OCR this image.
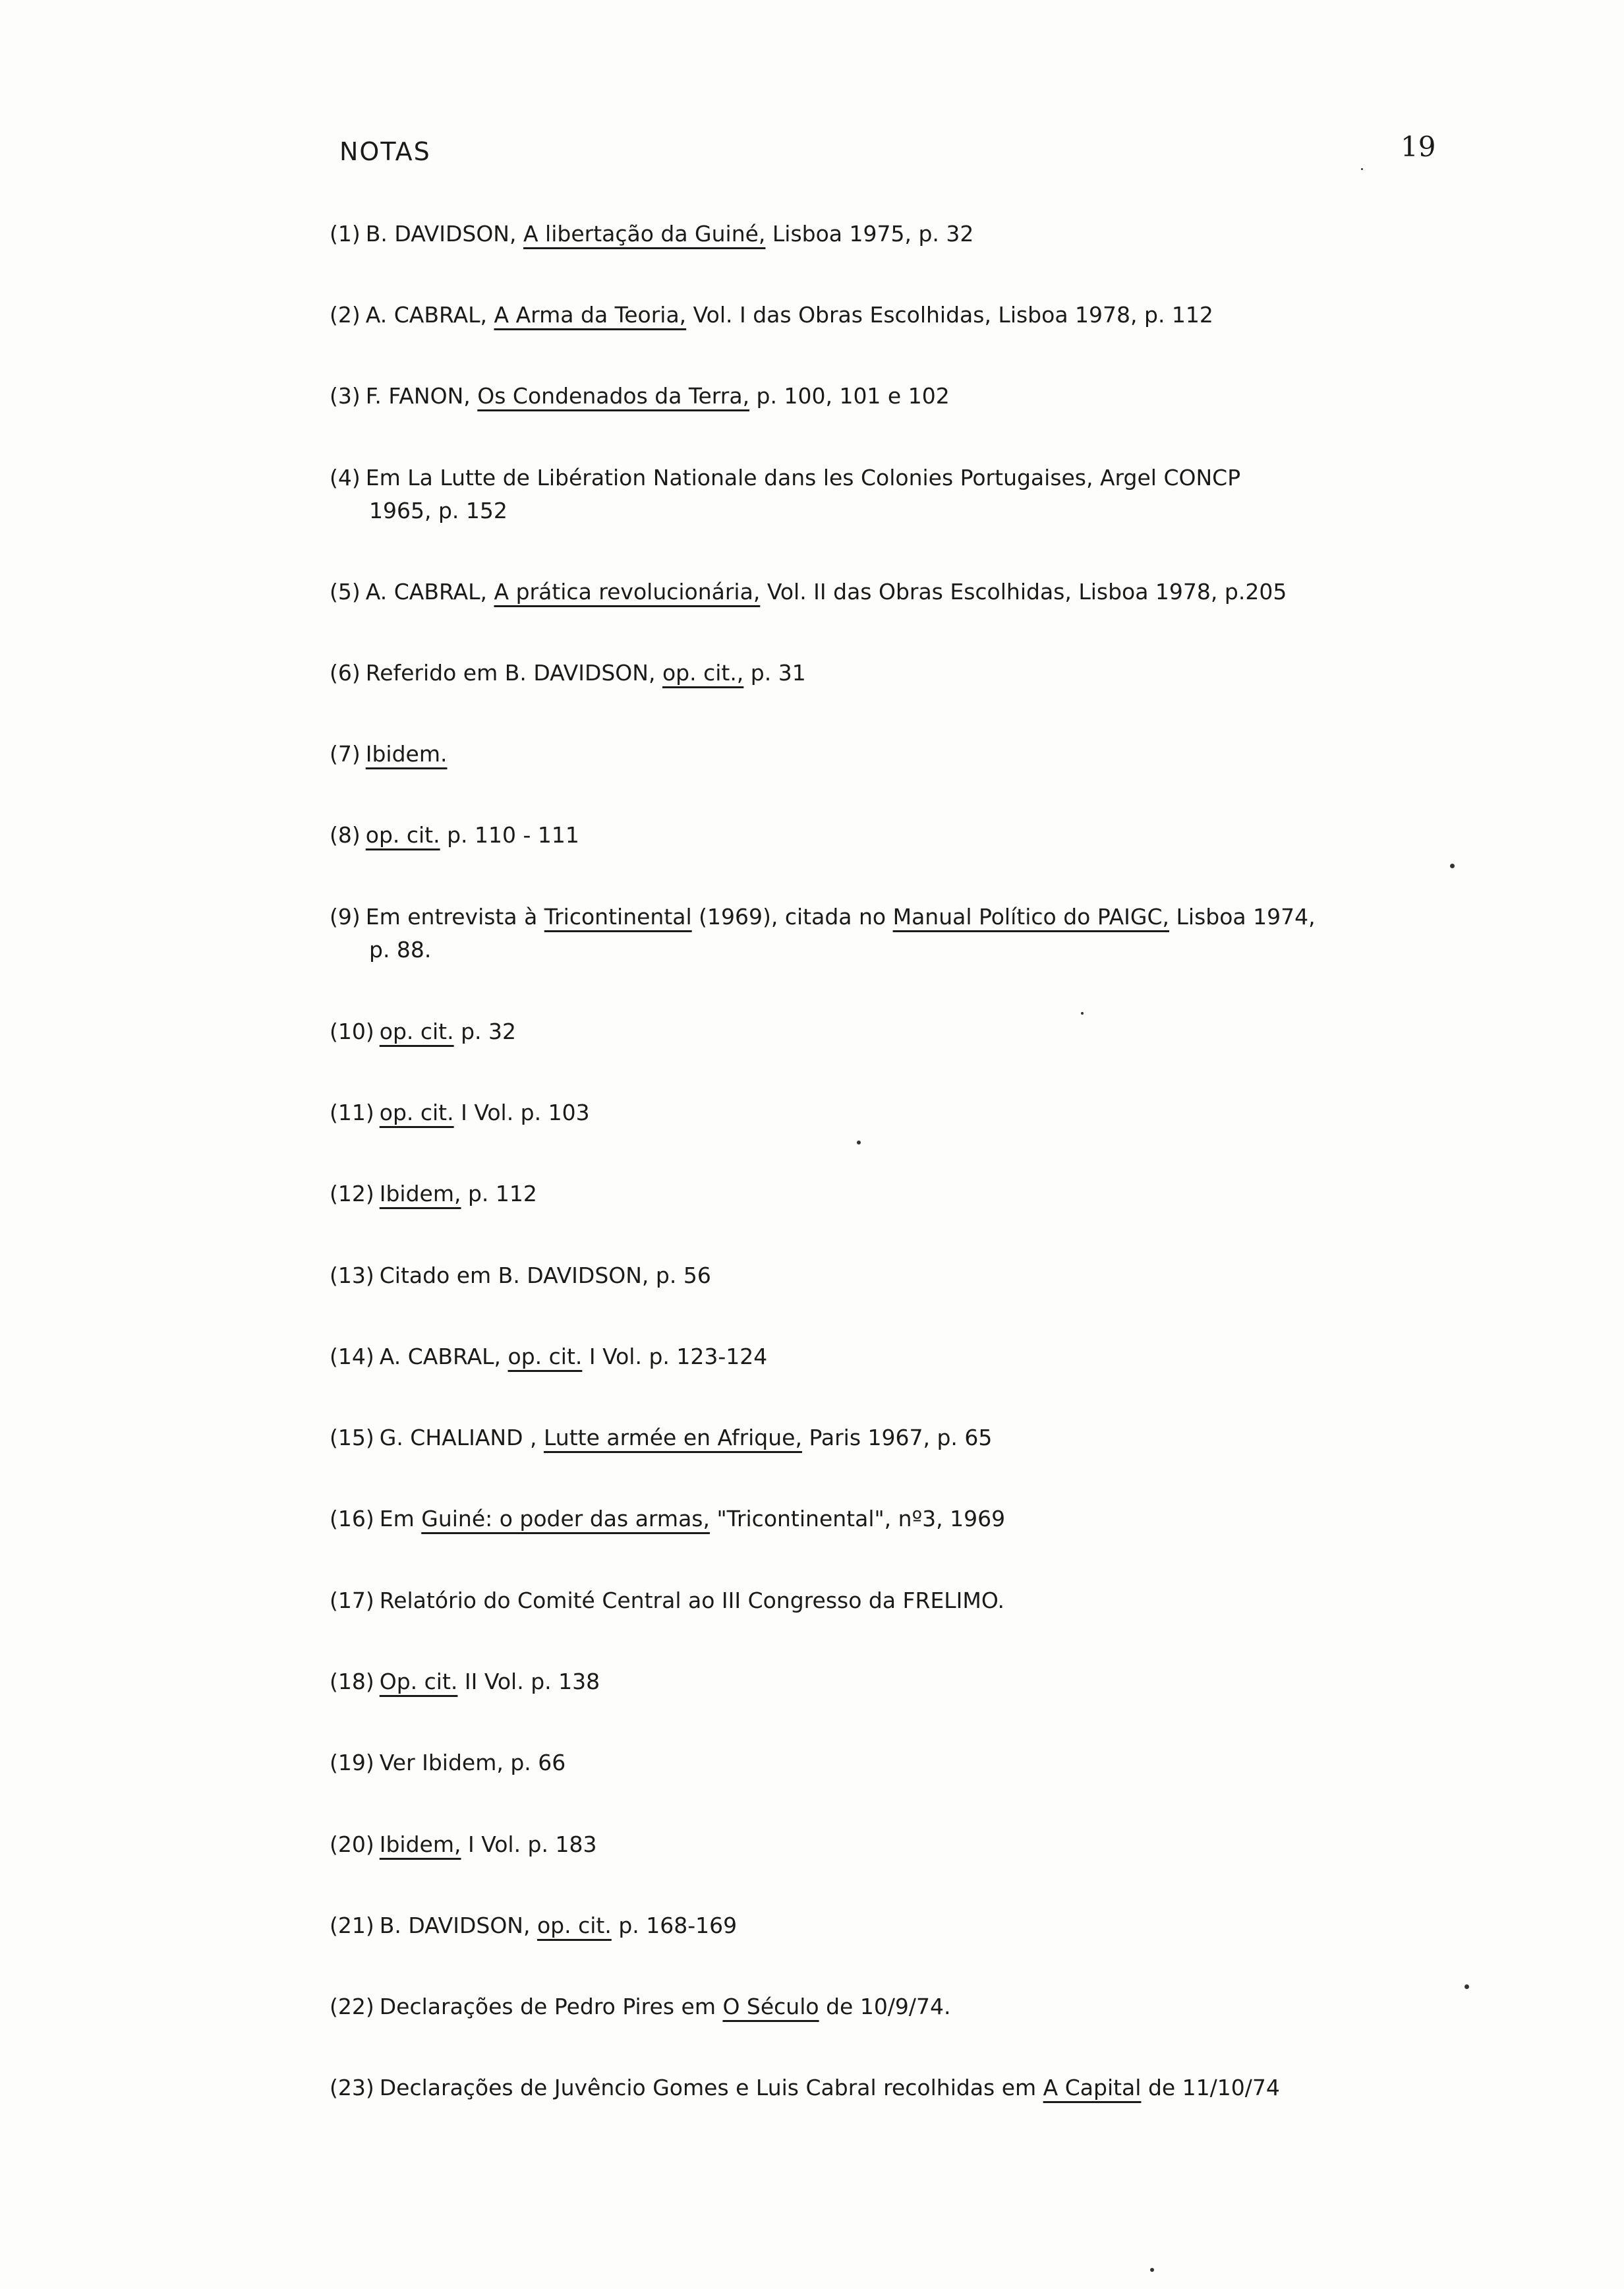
NOTAS	19
(1) B. DAVIDSON, A libertação da Guiné, Lisboa 1975, p. 32
(2) A. CABRAL, A Arma da Teoria, Vol. I das Obras Escolhidas, Lisboa 1978, p. 112
(3) F. FANON, Os Condenados da Terra, p. 100, 101 e 102
(4) Em La Lutte de Libération Nationale dans les Colonies Portugaises, Argel CONCP
1965, p. 152
(5) A. CABRAL, A prática revolucionária, Vol. II das Obras Escolhidas, Lisboa 1978, p.205
(6) Referido em B. DAVIDSON, op. cit., p. 31
(7) Ibidem.
(8) op. cit. p. 110 - 111
(9) Em entrevista à Tricontinental (1969), citada no Manual Político do PAIGC, Lisboa 1974,
p. 88.
(10) op. cit. p. 32
(11) op. cit. I Vol. p. 103
(12) Ibidem, p. 112
(13) Citado em B. DAVIDSON, p. 56
(14) A. CABRAL, op. cit. I Vol. p. 123-124
(15) G. CHALIAND , Lutte armée en Afrique, Paris 1967, p. 65
(16) Em Guiné: o poder das armas, "Tricontinental", nº3, 1969
(17) Relatório do Comité Central ao III Congresso da FRELIMO.
(18) Op. cit. II Vol. p. 138
(19) Ver Ibidem, p. 66
(20) Ibidem, I Vol. p. 183
(21) B. DAVIDSON, op. cit. p. 168-169
(22) Declarações de Pedro Pires em O Século de 10/9/74.
(23) Declarações de Juvêncio Gomes e Luis Cabral recolhidas em A Capital de 11/10/74
